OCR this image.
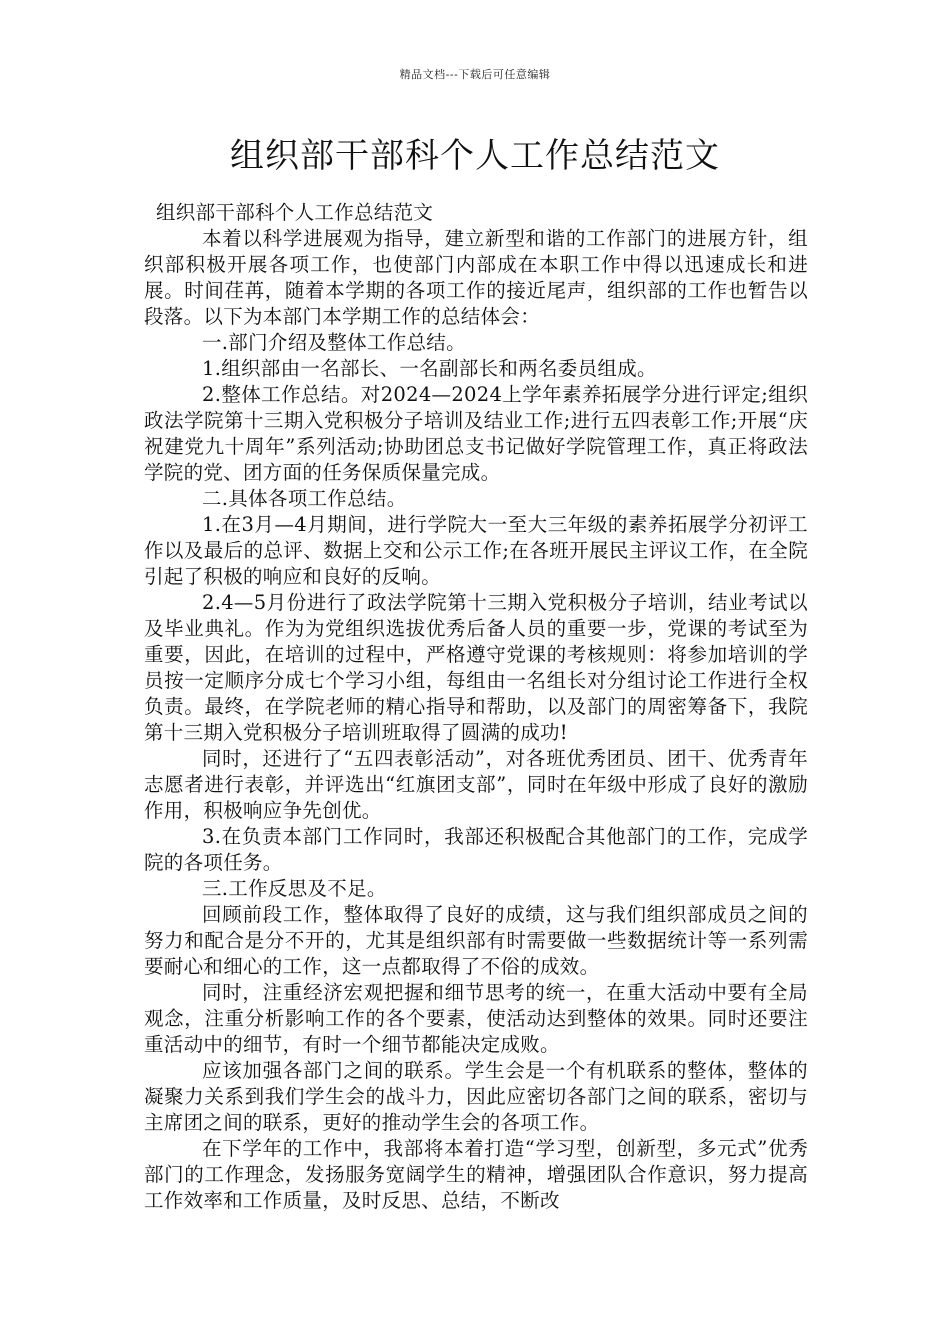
精品文档---下载后可任意编辑
组织部干部科个人工作总结范文

组织部干部科个人工作总结范文

本着以科学进展观为指导，建立新型和谐的工作部门的进展方针，组织部积极开展各项工作，也使部门内部成在本职工作中得以迅速成长和进展。时间荏苒，随着本学期的各项工作的接近尾声，组织部的工作也暂告以段落。以下为本部门本学期工作的总结体会：

一.部门介绍及整体工作总结。

1.组织部由一名部长、一名副部长和两名委员组成。

2.整体工作总结。对2024—2024上学年素养拓展学分进行评定;组织政法学院第十三期入党积极分子培训及结业工作;进行五四表彰工作;开展“庆祝建党九十周年”系列活动;协助团总支书记做好学院管理工作，真正将政法学院的党、团方面的任务保质保量完成。

二.具体各项工作总结。

1.在3月—4月期间，进行学院大一至大三年级的素养拓展学分初评工作以及最后的总评、数据上交和公示工作;在各班开展民主评议工作，在全院引起了积极的响应和良好的反响。

2.4—5月份进行了政法学院第十三期入党积极分子培训，结业考试以及毕业典礼。作为为党组织选拔优秀后备人员的重要一步，党课的考试至为重要，因此，在培训的过程中，严格遵守党课的考核规则：将参加培训的学员按一定顺序分成七个学习小组，每组由一名组长对分组讨论工作进行全权负责。最终，在学院老师的精心指导和帮助，以及部门的周密筹备下，我院第十三期入党积极分子培训班取得了圆满的成功!

同时，还进行了“五四表彰活动”，对各班优秀团员、团干、优秀青年志愿者进行表彰，并评选出“红旗团支部”，同时在年级中形成了良好的激励作用，积极响应争先创优。

3.在负责本部门工作同时，我部还积极配合其他部门的工作，完成学院的各项任务。

三.工作反思及不足。

回顾前段工作，整体取得了良好的成绩，这与我们组织部成员之间的努力和配合是分不开的，尤其是组织部有时需要做一些数据统计等一系列需要耐心和细心的工作，这一点都取得了不俗的成效。

同时，注重经济宏观把握和细节思考的统一，在重大活动中要有全局观念，注重分析影响工作的各个要素，使活动达到整体的效果。同时还要注重活动中的细节，有时一个细节都能决定成败。

应该加强各部门之间的联系。学生会是一个有机联系的整体，整体的凝聚力关系到我们学生会的战斗力，因此应密切各部门之间的联系，密切与主席团之间的联系，更好的推动学生会的各项工作。

在下学年的工作中，我部将本着打造“学习型，创新型，多元式”优秀部门的工作理念，发扬服务宽阔学生的精神，增强团队合作意识，努力提高工作效率和工作质量，及时反思、总结，不断改
